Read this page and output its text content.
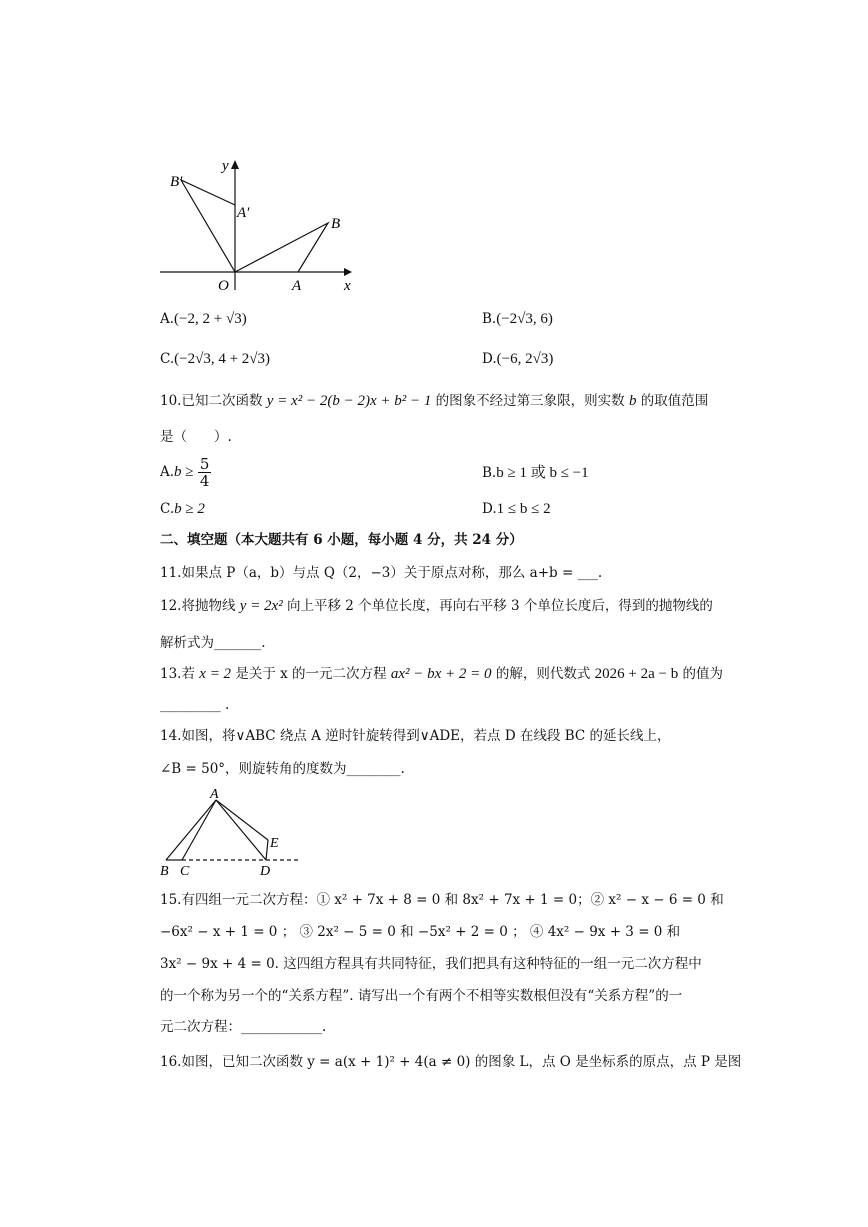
y
x
O	A
B
A′
B′
A.(−2, 2 + √3)	B.(−2√3, 6)
C.(−2√3, 4 + 2√3)	D.(−6, 2√3)
10.已知二次函数 y = x² − 2(b − 2)x + b² − 1 的图象不经过第三象限，则实数 b 的取值范围
是（　　）.
$A.b \ge \frac{5}{4}$	B.b ≥ 1 或 b ≤ −1
C.b ≥ 2	D.1 ≤ b ≤ 2
二、填空题（本大题共有 6 小题，每小题 4 分，共 24 分）
11.如果点 P（a，b）与点 Q（2，−3）关于原点对称，那么 a+b = ___.
12.将抛物线 y = 2x² 向上平移 2 个单位长度，再向右平移 3 个单位长度后，得到的抛物线的
解析式为_______.
13.若 x = 2 是关于 x 的一元二次方程 ax² − bx + 2 = 0 的解，则代数式 2026 + 2a − b 的值为
_________ .
14.如图，将∨ABC 绕点 A 逆时针旋转得到∨ADE，若点 D 在线段 BC 的延长线上，
∠B = 50°，则旋转角的度数为________.
A
B C	D
E
15.有四组一元二次方程：① x² + 7x + 8 = 0 和 8x² + 7x + 1 = 0；② x² − x − 6 = 0 和
−6x² − x + 1 = 0 ； ③ 2x² − 5 = 0 和 −5x² + 2 = 0 ； ④ 4x² − 9x + 3 = 0 和
3x² − 9x + 4 = 0. 这四组方程具有共同特征，我们把具有这种特征的一组一元二次方程中
的一个称为另一个的“关系方程”. 请写出一个有两个不相等实数根但没有“关系方程”的一
元二次方程：____________.
16.如图，已知二次函数 y = a(x + 1)² + 4(a ≠ 0) 的图象 L，点 O 是坐标系的原点，点 P 是图
